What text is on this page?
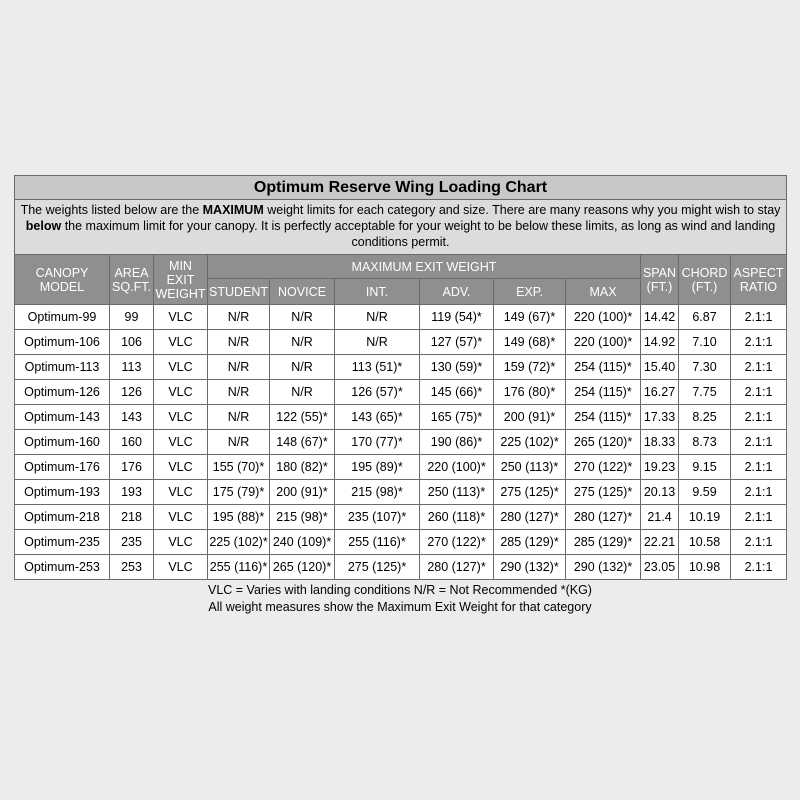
Optimum Reserve Wing Loading Chart											
The weights listed below are the MAXIMUM weight limits for each category and size. There are many reasons why you might wish to stay below the maximum limit for your canopy. It is perfectly acceptable for your weight to be below these limits, as long as wind and landing conditions permit.											
CANOPY MODEL	AREA SQ.FT.	MIN EXIT WEIGHT	MAXIMUM EXIT WEIGHT						SPAN (FT.)	CHORD (FT.)	ASPECT RATIO
			STUDENT	NOVICE	INT.	ADV.	EXP.	MAX			
Optimum-99	99	VLC	N/R	N/R	N/R	119 (54)*	149 (67)*	220 (100)*	14.42	6.87	2.1:1
Optimum-106	106	VLC	N/R	N/R	N/R	127 (57)*	149 (68)*	220 (100)*	14.92	7.10	2.1:1
Optimum-113	113	VLC	N/R	N/R	113 (51)*	130 (59)*	159 (72)*	254 (115)*	15.40	7.30	2.1:1
Optimum-126	126	VLC	N/R	N/R	126 (57)*	145 (66)*	176 (80)*	254 (115)*	16.27	7.75	2.1:1
Optimum-143	143	VLC	N/R	122 (55)*	143 (65)*	165 (75)*	200 (91)*	254 (115)*	17.33	8.25	2.1:1
Optimum-160	160	VLC	N/R	148 (67)*	170 (77)*	190 (86)*	225 (102)*	265 (120)*	18.33	8.73	2.1:1
Optimum-176	176	VLC	155 (70)*	180 (82)*	195 (89)*	220 (100)*	250 (113)*	270 (122)*	19.23	9.15	2.1:1
Optimum-193	193	VLC	175 (79)*	200 (91)*	215 (98)*	250 (113)*	275 (125)*	275 (125)*	20.13	9.59	2.1:1
Optimum-218	218	VLC	195 (88)*	215 (98)*	235 (107)*	260 (118)*	280 (127)*	280 (127)*	21.4	10.19	2.1:1
Optimum-235	235	VLC	225 (102)*	240 (109)*	255 (116)*	270 (122)*	285 (129)*	285 (129)*	22.21	10.58	2.1:1
Optimum-253	253	VLC	255 (116)*	265 (120)*	275 (125)*	280 (127)*	290 (132)*	290 (132)*	23.05	10.98	2.1:1
VLC = Varies with landing conditions N/R = Not Recommended *(KG)
All weight measures show the Maximum Exit Weight for that category
